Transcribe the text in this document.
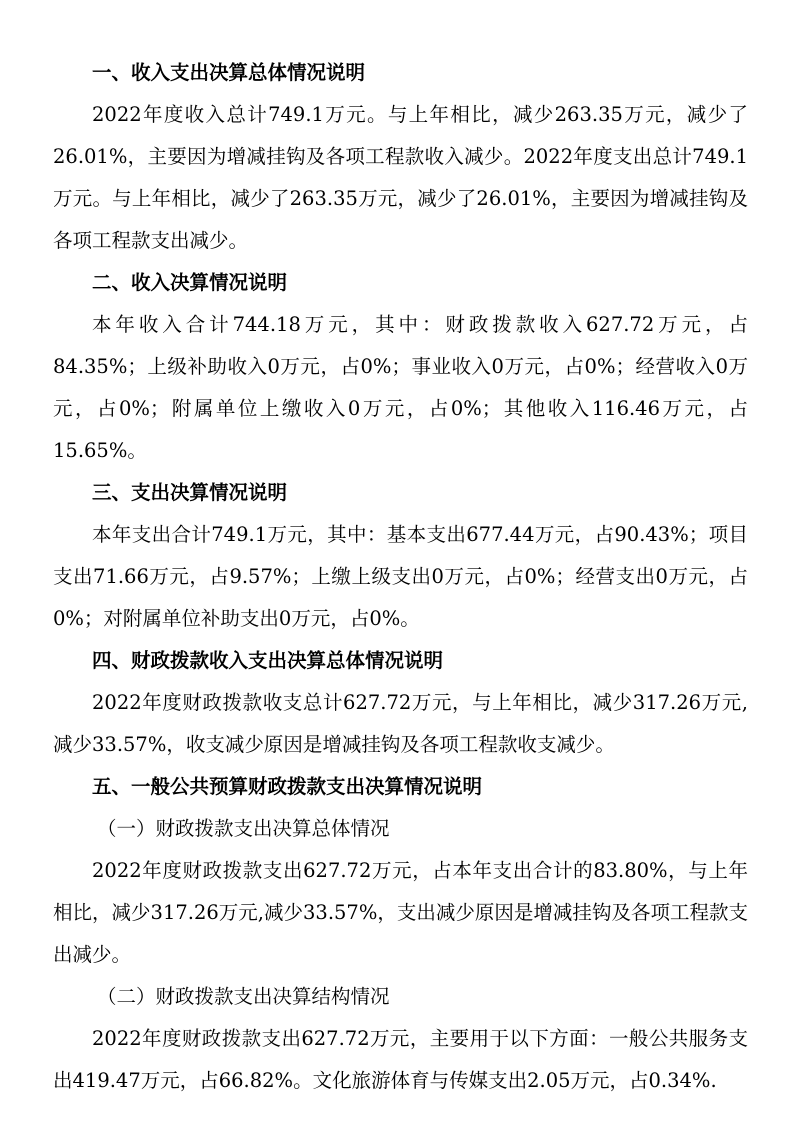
一、收入支出决算总体情况说明

2022年度收入总计749.1万元。与上年相比，减少263.35万元，减少了26.01%，主要因为增减挂钩及各项工程款收入减少。2022年度支出总计749.1万元。与上年相比，减少了263.35万元，减少了26.01%，主要因为增减挂钩及各项工程款支出减少。

二、收入决算情况说明

本年收入合计744.18万元，其中：财政拨款收入627.72万元，占84.35%；上级补助收入0万元，占0%；事业收入0万元，占0%；经营收入0万元，占0%；附属单位上缴收入0万元，占0%；其他收入116.46万元，占15.65%。

三、支出决算情况说明

本年支出合计749.1万元，其中：基本支出677.44万元，占90.43%；项目支出71.66万元，占9.57%；上缴上级支出0万元，占0%；经营支出0万元，占0%；对附属单位补助支出0万元，占0%。

四、财政拨款收入支出决算总体情况说明

2022年度财政拨款收支总计627.72万元，与上年相比，减少317.26万元,减少33.57%，收支减少原因是增减挂钩及各项工程款收支减少。

五、一般公共预算财政拨款支出决算情况说明

（一）财政拨款支出决算总体情况

2022年度财政拨款支出627.72万元，占本年支出合计的83.80%，与上年相比，减少317.26万元,减少33.57%，支出减少原因是增减挂钩及各项工程款支出减少。

（二）财政拨款支出决算结构情况

2022年度财政拨款支出627.72万元，主要用于以下方面：一般公共服务支出419.47万元，占66.82%。文化旅游体育与传媒支出2.05万元，占0.34%.
